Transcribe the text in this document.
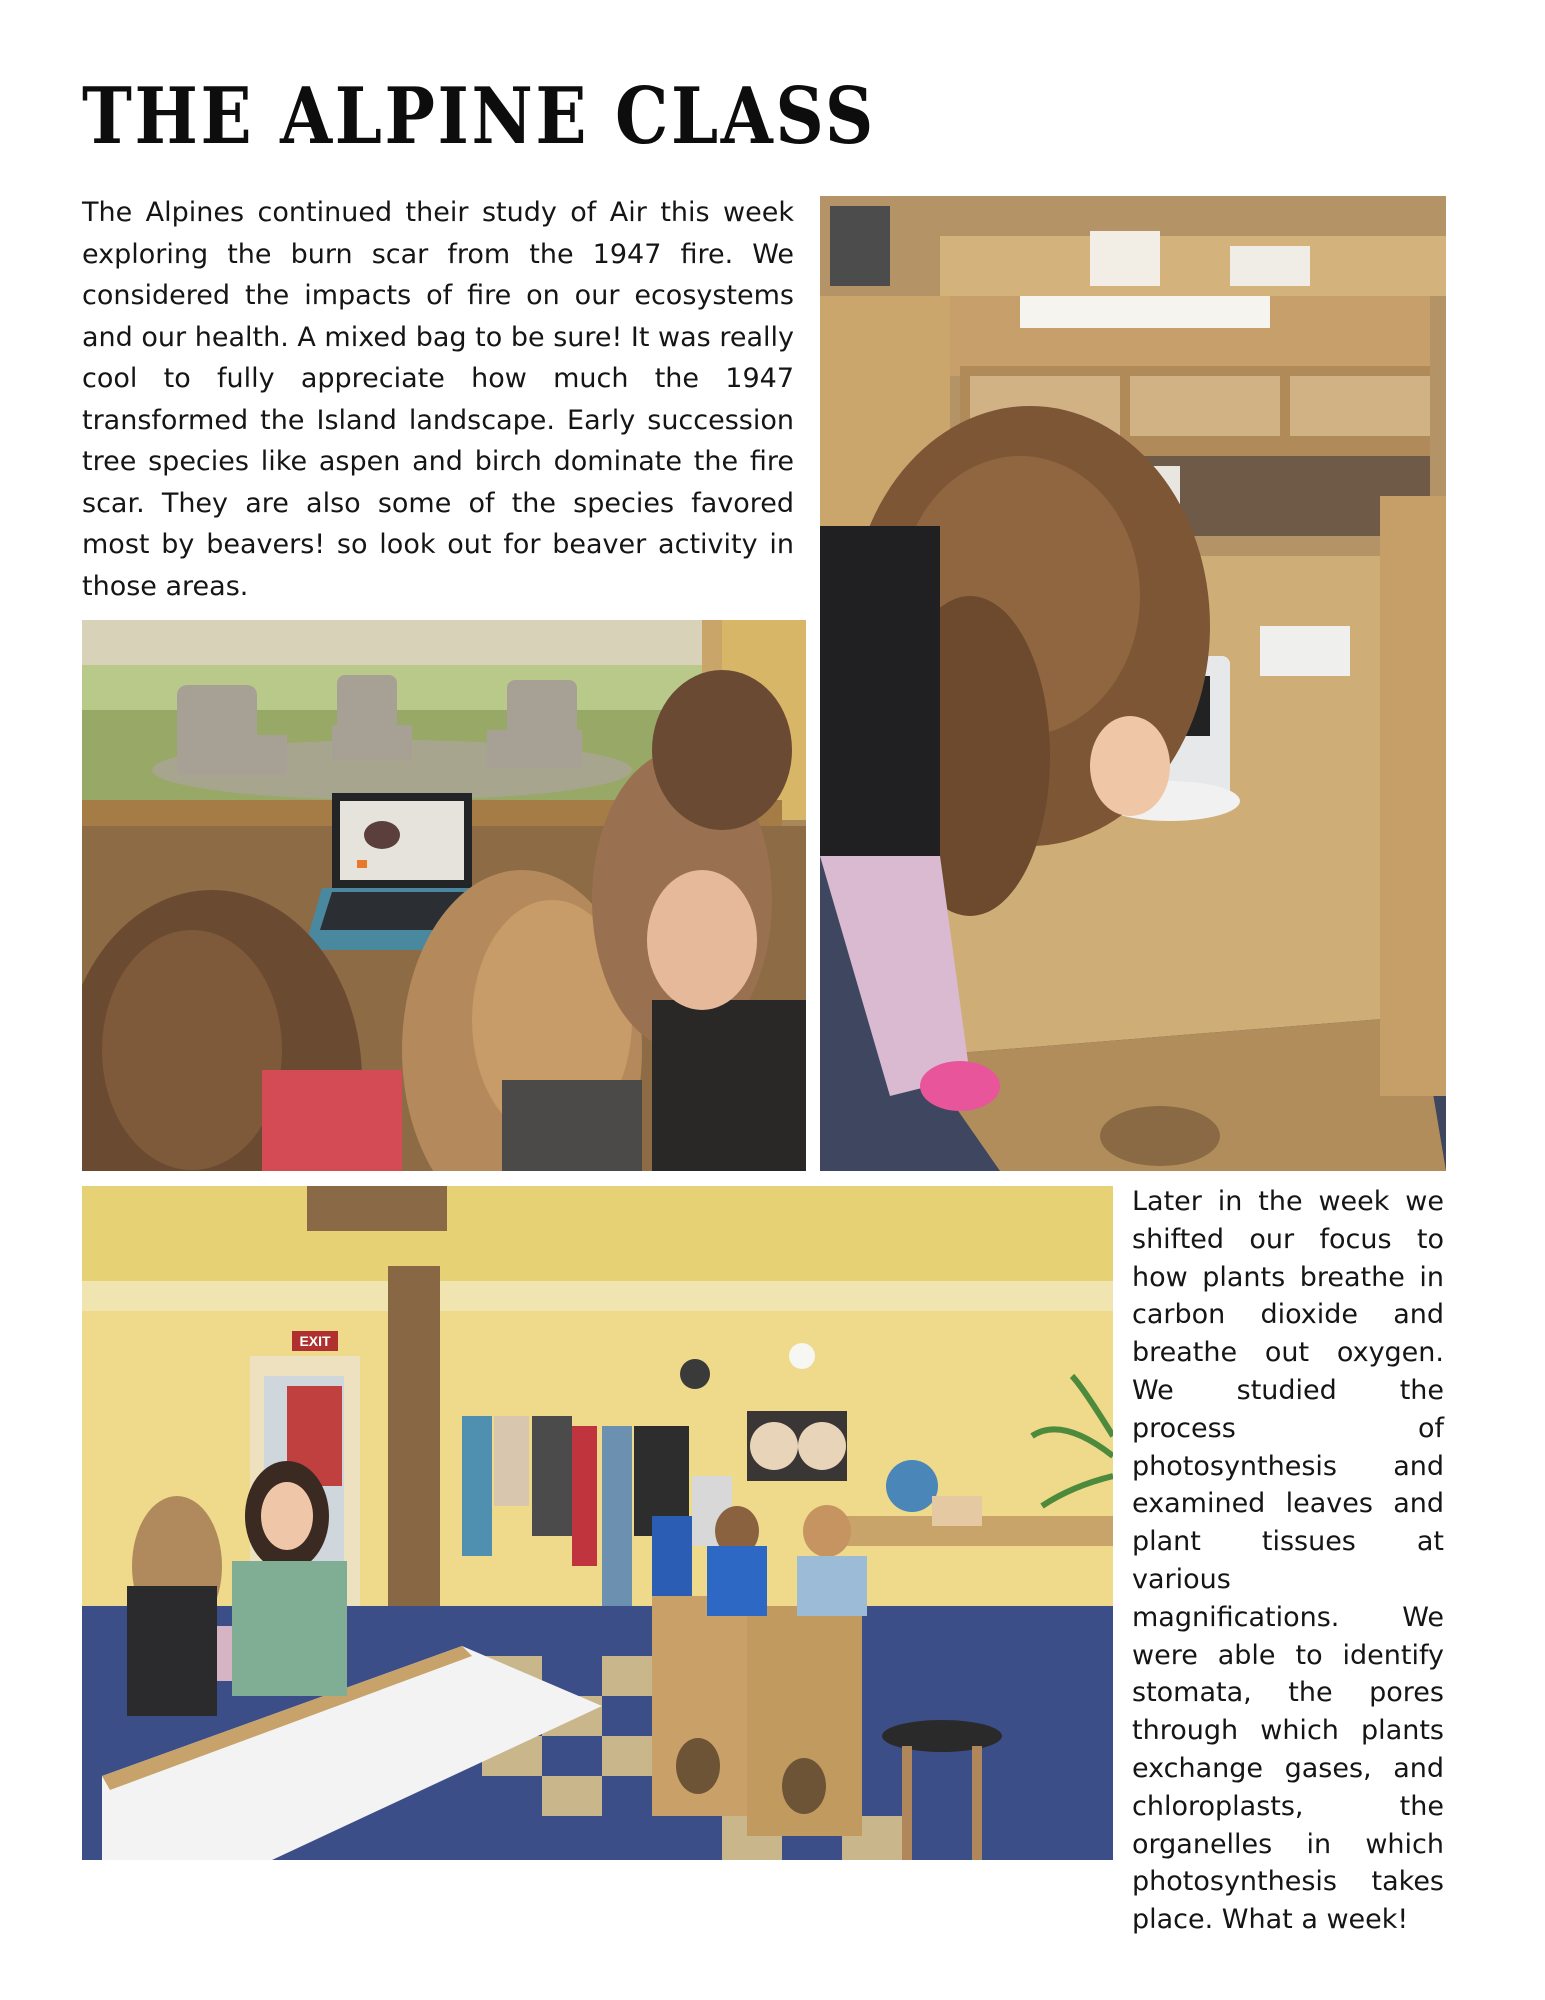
THE ALPINE CLASS

The Alpines continued their study of Air this week exploring the burn scar from the 1947 fire. We considered the impacts of fire on our ecosystems and our health. A mixed bag to be sure! It was really cool to fully appreciate how much the 1947 transformed the Island landscape. Early succession tree species like aspen and birch dominate the fire scar. They are also some of the species favored most by beavers! so look out for beaver activity in those areas.

EXIT

Later in the week we shifted our focus to how plants breathe in carbon dioxide and breathe out oxygen. We studied the process of photosynthesis and examined leaves and plant tissues at various magnifications. We were able to identify stomata, the pores through which plants exchange gases, and chloroplasts, the organelles in which photosynthesis takes place. What a week!
